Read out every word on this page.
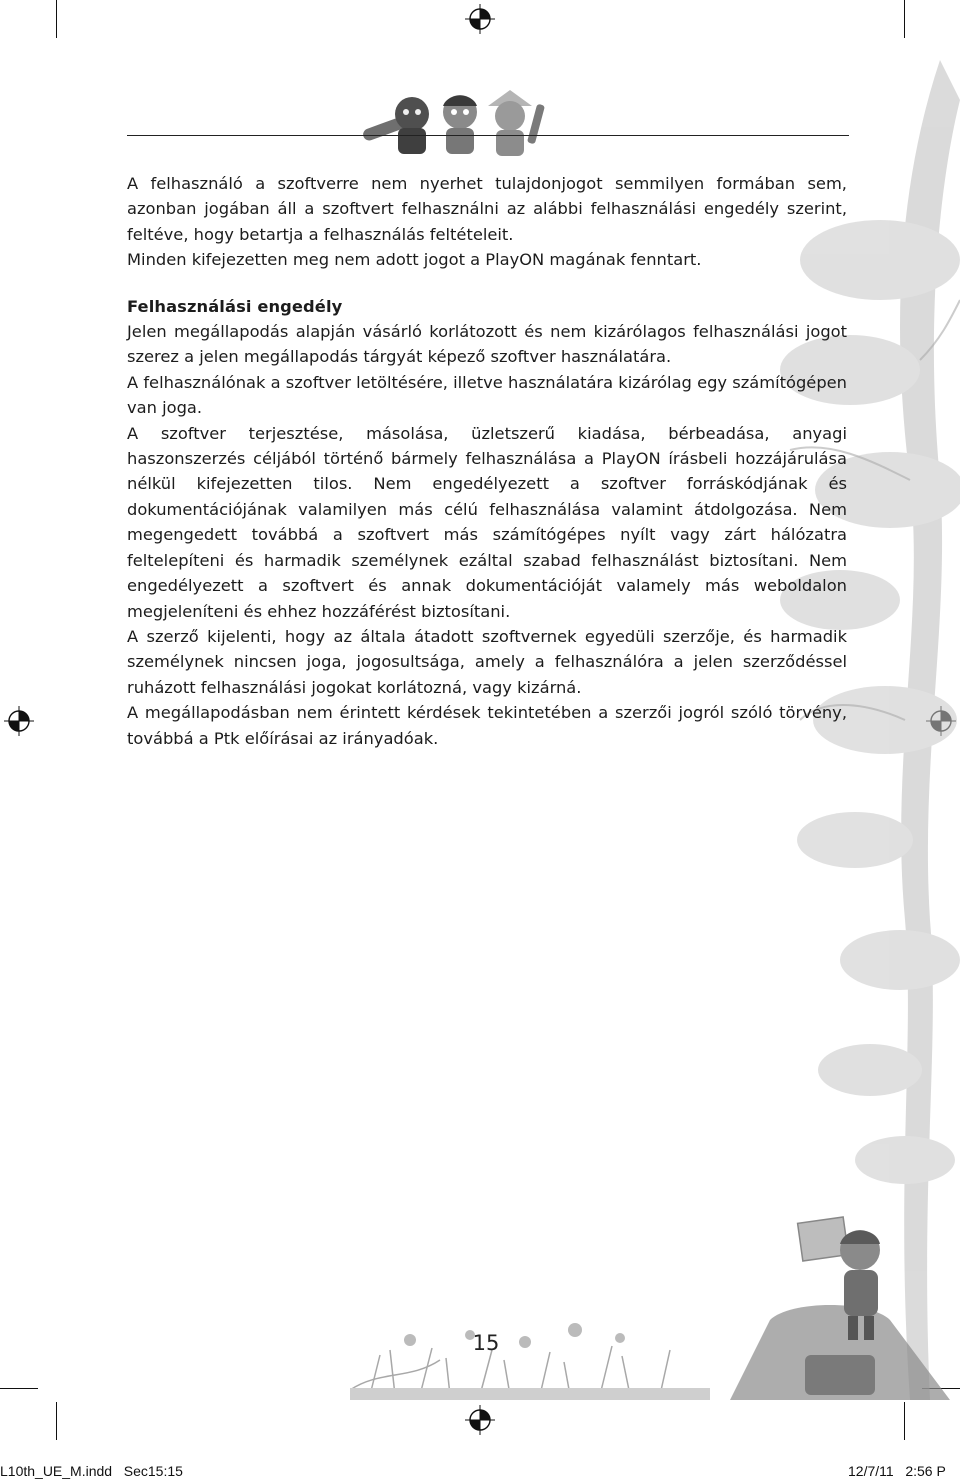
A felhasználó a szoftverre nem nyerhet tulajdonjogot semmilyen formában sem, azonban jogában áll a szoftvert felhasználni az alábbi felhasználási engedély szerint, feltéve, hogy betartja a felhasználás feltételeit.

Minden kifejezetten meg nem adott jogot a PlayON magának fenntart.

Felhasználási engedély

Jelen megállapodás alapján vásárló korlátozott és nem kizárólagos felhasználási jogot szerez a jelen megállapodás tárgyát képező szoftver használatára.

A felhasználónak a szoftver letöltésére, illetve használatára kizárólag egy számítógépen van joga.

A szoftver terjesztése, másolása, üzletszerű kiadása, bérbeadása, anyagi haszonszerzés céljából történő bármely felhasználása a PlayON írásbeli hozzájárulása nélkül kifejezetten tilos. Nem engedélyezett a szoftver forráskódjának és dokumentációjának valamilyen más célú felhasználása valamint átdolgozása. Nem megengedett továbbá a szoftvert más számítógépes nyílt vagy zárt hálózatra feltelepíteni és harmadik személynek ezáltal szabad felhasználást biztosítani. Nem engedélyezett a szoftvert és annak dokumentációját valamely más weboldalon megjeleníteni és ehhez hozzáférést biztosítani.

A szerző kijelenti, hogy az általa átadott szoftvernek egyedüli szerzője, és harmadik személynek nincsen joga, jogosultsága, amely a felhasználóra a jelen szerződéssel ruházott felhasználási jogokat korlátozná, vagy kizárná.

A megállapodásban nem érintett kérdések tekintetében a szerzői jogról szóló törvény, továbbá a Ptk előírásai az irányadóak.

15
L10th_UE_M.indd   Sec15:15	12/7/11   2:56 P
